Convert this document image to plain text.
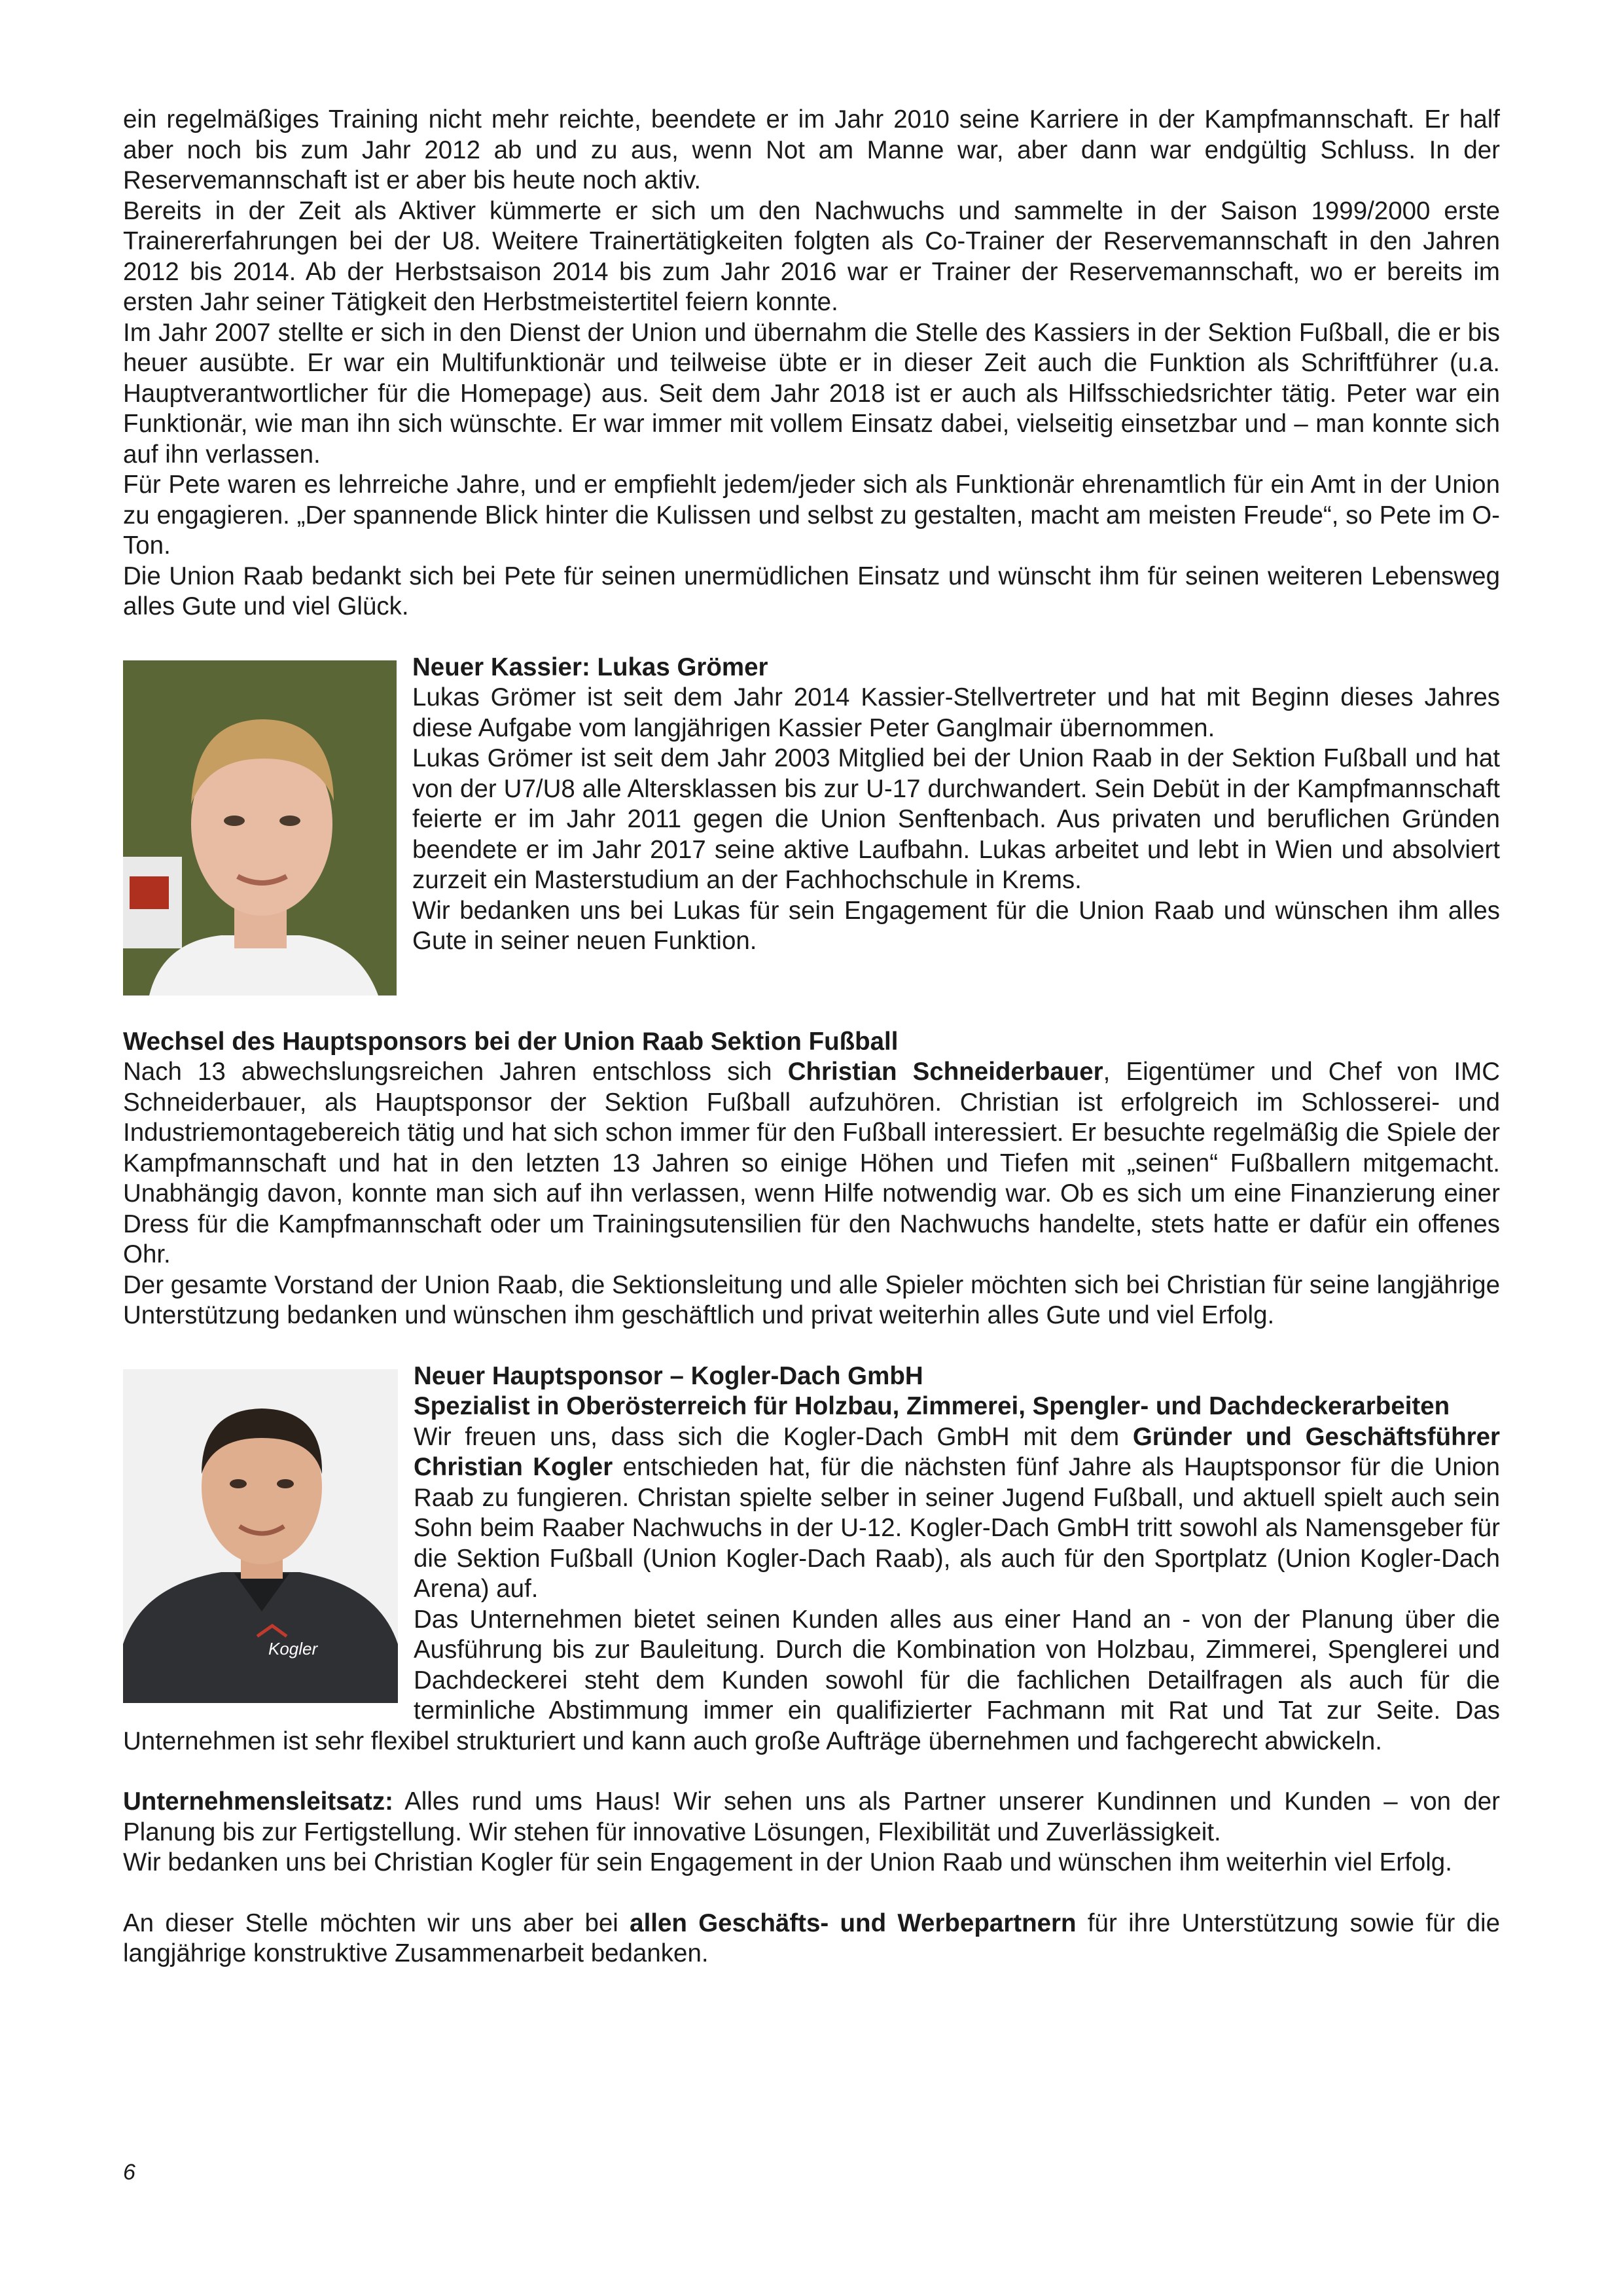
ein regelmäßiges Training nicht mehr reichte, beendete er im Jahr 2010 seine Karriere in der Kampfmannschaft. Er half aber noch bis zum Jahr 2012 ab und zu aus, wenn Not am Manne war, aber dann war endgültig Schluss. In der Reservemannschaft ist er aber bis heute noch aktiv.

Bereits in der Zeit als Aktiver kümmerte er sich um den Nachwuchs und sammelte in der Saison 1999/2000 erste Trainererfahrungen bei der U8. Weitere Trainertätigkeiten folgten als Co-Trainer der Reservemannschaft in den Jahren 2012 bis 2014. Ab der Herbstsaison 2014 bis zum Jahr 2016 war er Trainer der Reservemannschaft, wo er bereits im ersten Jahr seiner Tätigkeit den Herbstmeistertitel feiern konnte.

Im Jahr 2007 stellte er sich in den Dienst der Union und übernahm die Stelle des Kassiers in der Sektion Fußball, die er bis heuer ausübte. Er war ein Multifunktionär und teilweise übte er in dieser Zeit auch die Funktion als Schriftführer (u.a. Hauptverantwortlicher für die Homepage) aus. Seit dem Jahr 2018 ist er auch als Hilfsschiedsrichter tätig. Peter war ein Funktionär, wie man ihn sich wünschte. Er war immer mit vollem Einsatz dabei, vielseitig einsetzbar und – man konnte sich auf ihn verlassen.

Für Pete waren es lehrreiche Jahre, und er empfiehlt jedem/jeder sich als Funktionär ehrenamtlich für ein Amt in der Union zu engagieren. „Der spannende Blick hinter die Kulissen und selbst zu gestalten, macht am meisten Freude“, so Pete im O-Ton.

Die Union Raab bedankt sich bei Pete für seinen unermüdlichen Einsatz und wünscht ihm für seinen weiteren Lebensweg alles Gute und viel Glück.

Neuer Kassier: Lukas Grömer

Lukas Grömer ist seit dem Jahr 2014 Kassier-Stellvertreter und hat mit Beginn dieses Jahres diese Aufgabe vom langjährigen Kassier Peter Ganglmair übernommen.

Lukas Grömer ist seit dem Jahr 2003 Mitglied bei der Union Raab in der Sektion Fußball und hat von der U7/U8 alle Altersklassen bis zur U-17 durchwandert. Sein Debüt in der Kampfmannschaft feierte er im Jahr 2011 gegen die Union Senftenbach. Aus privaten und beruflichen Gründen beendete er im Jahr 2017 seine aktive Laufbahn. Lukas arbeitet und lebt in Wien und absolviert zurzeit ein Masterstudium an der Fachhochschule in Krems.

Wir bedanken uns bei Lukas für sein Engagement für die Union Raab und wünschen ihm alles Gute in seiner neuen Funktion.

Wechsel des Hauptsponsors bei der Union Raab Sektion Fußball

Nach 13 abwechslungsreichen Jahren entschloss sich Christian Schneiderbauer, Eigentümer und Chef von IMC Schneiderbauer, als Hauptsponsor der Sektion Fußball aufzuhören. Christian ist erfolgreich im Schlosserei- und Industriemontagebereich tätig und hat sich schon immer für den Fußball interessiert. Er besuchte regelmäßig die Spiele der Kampfmannschaft und hat in den letzten 13 Jahren so einige Höhen und Tiefen mit „seinen“ Fußballern mitgemacht. Unabhängig davon, konnte man sich auf ihn verlassen, wenn Hilfe notwendig war. Ob es sich um eine Finanzierung einer Dress für die Kampfmannschaft oder um Trainingsutensilien für den Nachwuchs handelte, stets hatte er dafür ein offenes Ohr.

Der gesamte Vorstand der Union Raab, die Sektionsleitung und alle Spieler möchten sich bei Christian für seine langjährige Unterstützung bedanken und wünschen ihm geschäftlich und privat weiterhin alles Gute und viel Erfolg.

Kogler

Neuer Hauptsponsor – Kogler-Dach GmbH

Spezialist in Oberösterreich für Holzbau, Zimmerei, Spengler- und Dachdeckerarbeiten

Wir freuen uns, dass sich die Kogler-Dach GmbH mit dem Gründer und Geschäftsführer Christian Kogler entschieden hat, für die nächsten fünf Jahre als Hauptsponsor für die Union Raab zu fungieren. Christan spielte selber in seiner Jugend Fußball, und aktuell spielt auch sein Sohn beim Raaber Nachwuchs in der U-12. Kogler-Dach GmbH tritt sowohl als Namensgeber für die Sektion Fußball (Union Kogler-Dach Raab), als auch für den Sportplatz (Union Kogler-Dach Arena) auf.

Das Unternehmen bietet seinen Kunden alles aus einer Hand an - von der Planung über die Ausführung bis zur Bauleitung. Durch die Kombination von Holzbau, Zimmerei, Spenglerei und Dachdeckerei steht dem Kunden sowohl für die fachlichen Detailfragen als auch für die terminliche Abstimmung immer ein qualifizierter Fachmann mit Rat und Tat zur Seite. Das Unternehmen ist sehr flexibel strukturiert und kann auch große Aufträge übernehmen und fachgerecht abwickeln.

Unternehmensleitsatz: Alles rund ums Haus! Wir sehen uns als Partner unserer Kundinnen und Kunden – von der Planung bis zur Fertigstellung. Wir stehen für innovative Lösungen, Flexibilität und Zuverlässigkeit.

Wir bedanken uns bei Christian Kogler für sein Engagement in der Union Raab und wünschen ihm weiterhin viel Erfolg.

An dieser Stelle möchten wir uns aber bei allen Geschäfts- und Werbepartnern für ihre Unterstützung sowie für die langjährige konstruktive Zusammenarbeit bedanken.

6
